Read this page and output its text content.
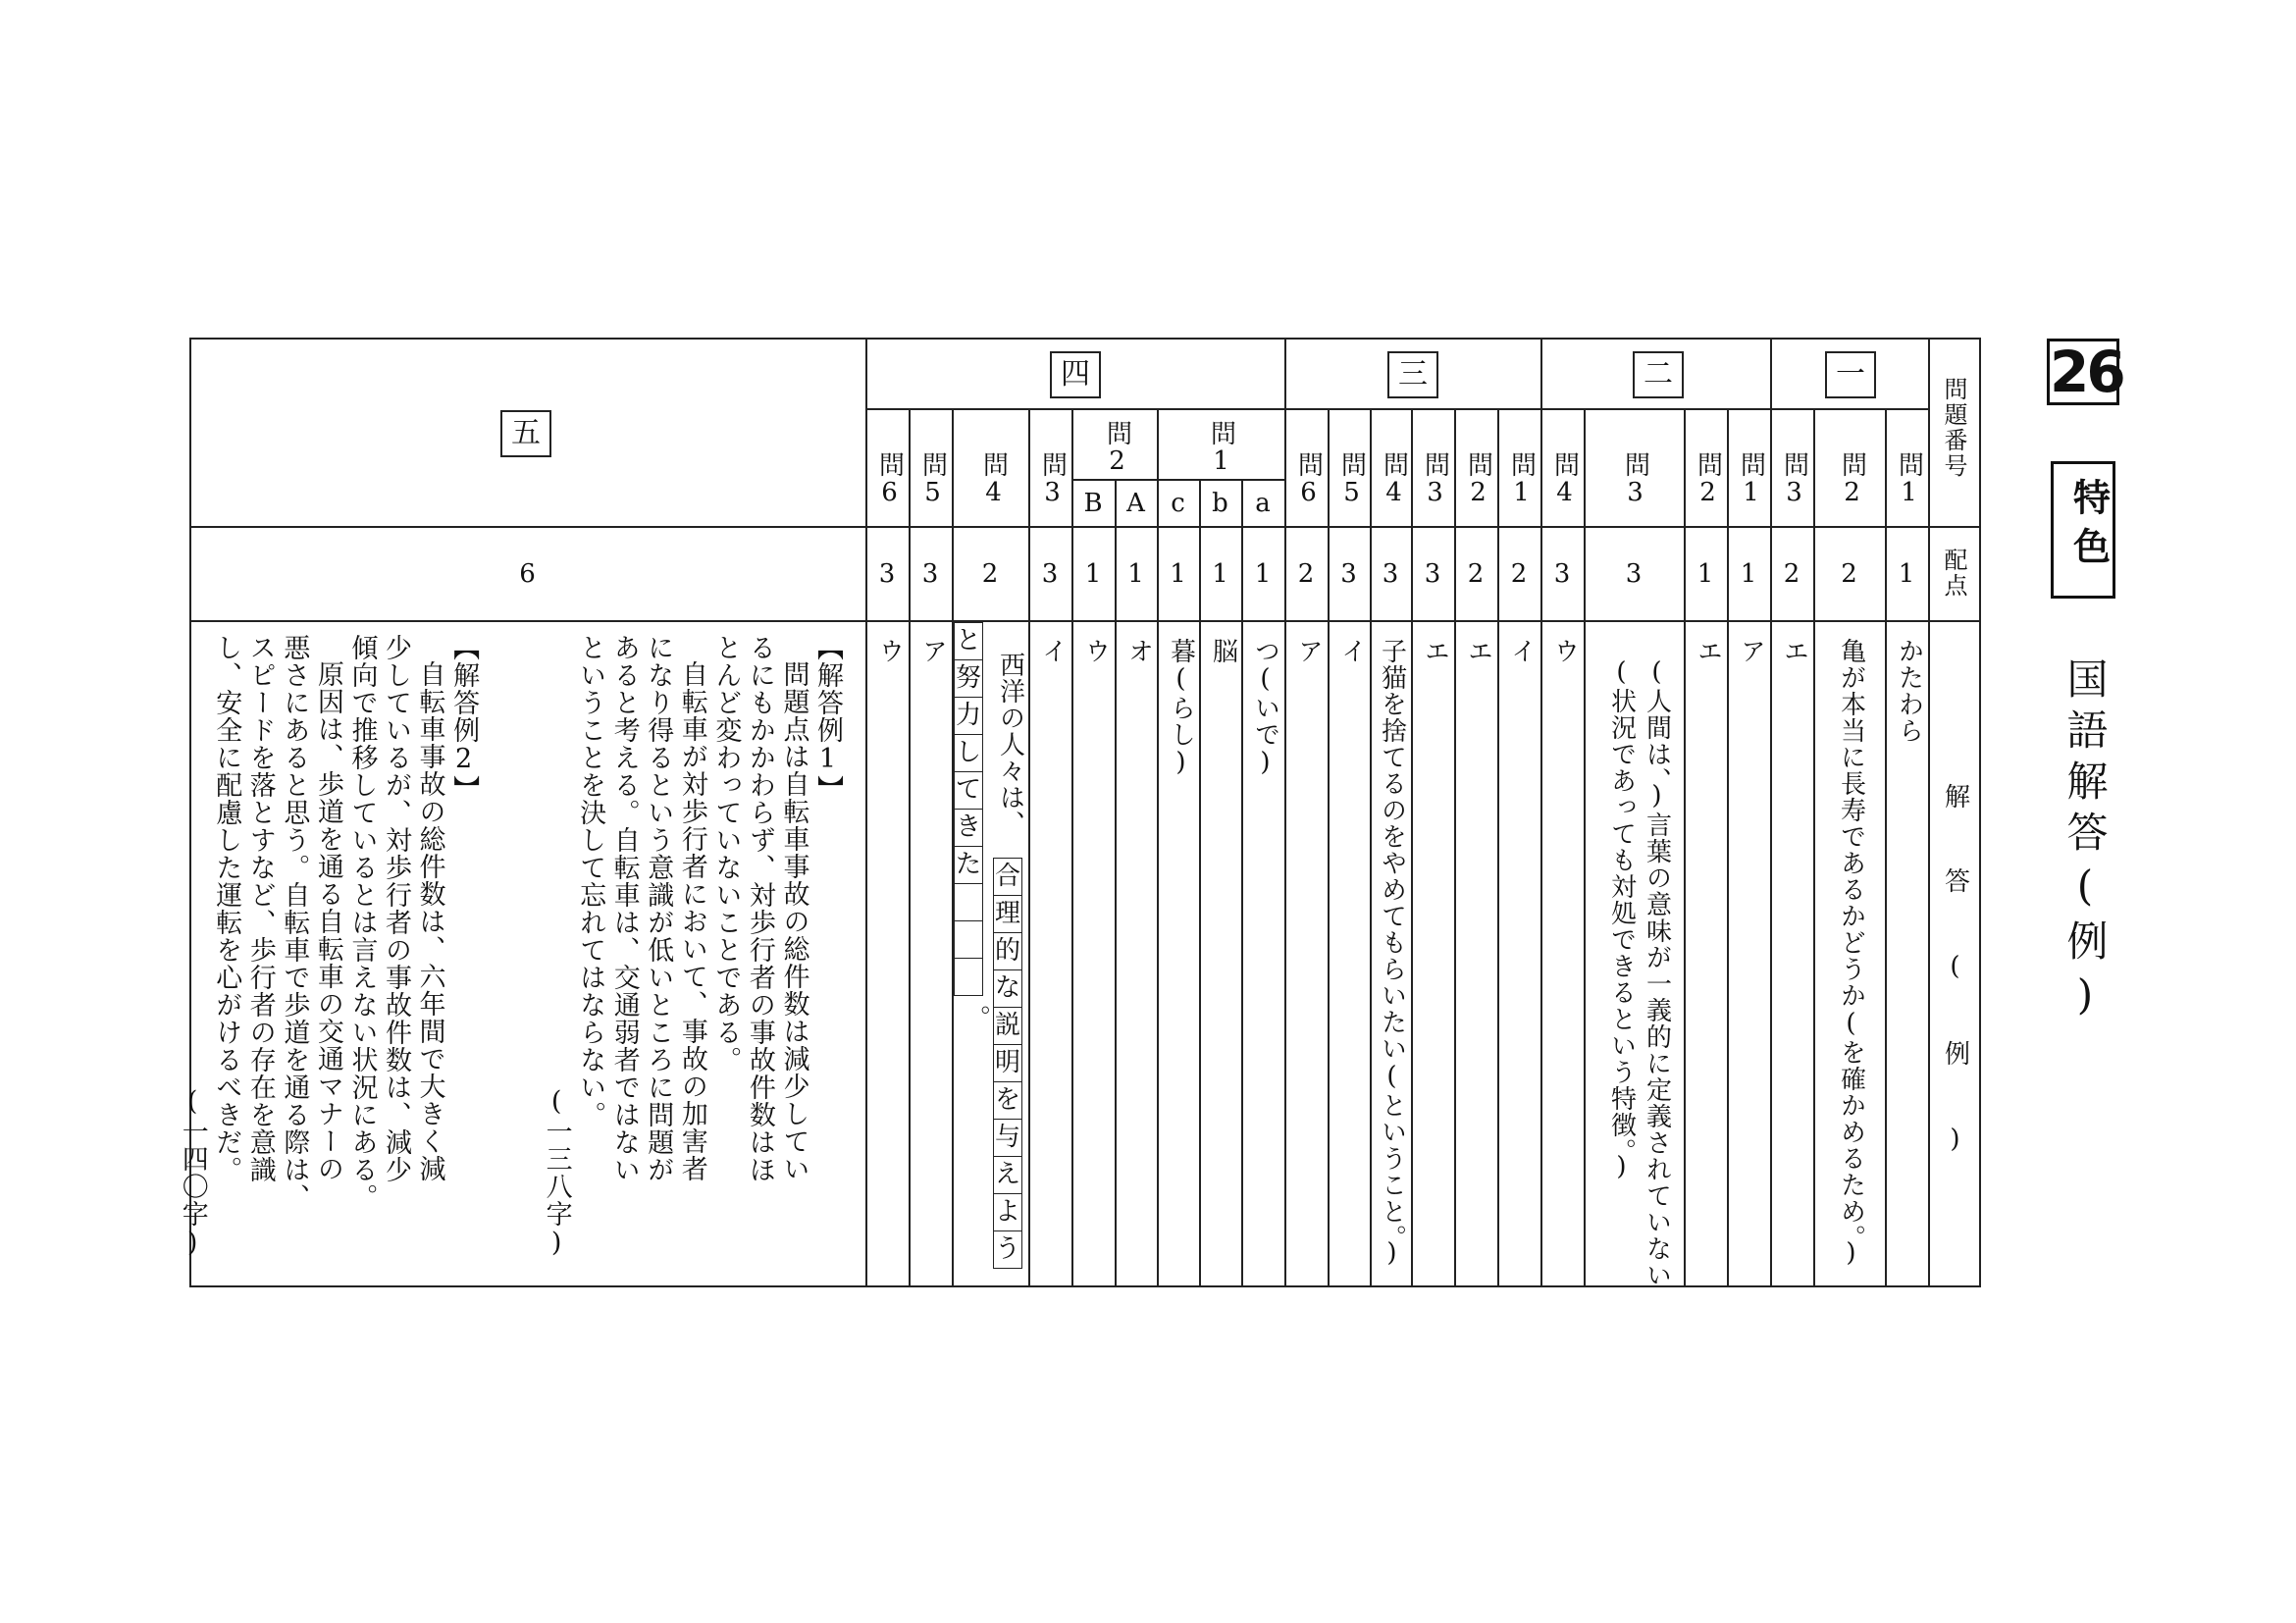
26
特色
国語解答(例)
問題番号
配点
解答(例)
一
二
三
四
五
問1
問2
問3
1
2
2
かたわら
亀が本当に長寿であるかどうか(を確かめるため。)
エ
問1
問2
問3
問4
1
1
3
3
ア
エ
(人間は、)言葉の意味が一義的に定義されていない
(状況であっても対処できるという特徴。)
ウ
問1
問2
問3
問4
問5
問6
2
2
3
3
3
2
イ
エ
エ
子猫を捨てるのをやめてもらいたい(ということ。)
イ
ア
問1
a
b
c
1
1
1
つ(いで)
脳
暮(らし)
問2
A
B
1
1
オ
ウ
問3
3
イ
問4
2
西洋の人々は、
合
理
的
な
説
明
を
与
え
よ
う
と
努
力
し
て
き
た
。
問5
問6
3
3
ア
ウ
6
【解答例1】
問題点は自転車事故の総件数は減少してい
るにもかかわらず、対歩行者の事故件数はほ
とんど変わっていないことである。
自転車が対歩行者において、事故の加害者
になり得るという意識が低いところに問題が
あると考える。自転車は、交通弱者ではない
ということを決して忘れてはならない。
(一三八字)
【解答例2】
自転車事故の総件数は、六年間で大きく減
少しているが、対歩行者の事故件数は、減少
傾向で推移しているとは言えない状況にある。
原因は、歩道を通る自転車の交通マナーの
悪さにあると思う。自転車で歩道を通る際は、
スピードを落とすなど、歩行者の存在を意識
し、安全に配慮した運転を心がけるべきだ。
(一四〇字)
